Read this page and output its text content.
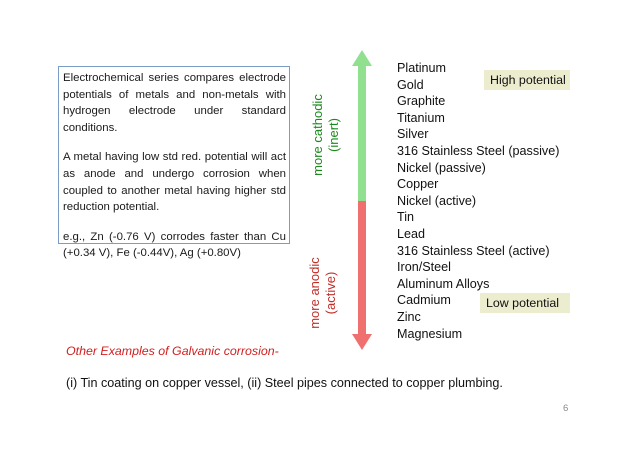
Electrochemical series compares electrode potentials of metals and non-metals with hydrogen electrode under standard conditions.

A metal having low std red. potential will act as anode and undergo corrosion when coupled to another metal having higher std reduction potential.

e.g., Zn (-0.76 V) corrodes faster than Cu (+0.34 V), Fe (-0.44V), Ag (+0.80V)

more cathodic (inert)
more anodic (active)
Platinum
Gold
Graphite
Titanium
Silver
316 Stainless Steel (passive)
Nickel (passive)
Copper
Nickel (active)
Tin
Lead
316 Stainless Steel (active)
Iron/Steel
Aluminum Alloys
Cadmium
Zinc
Magnesium
High potential
Low potential
Other Examples of Galvanic corrosion-
(i) Tin coating on copper vessel, (ii) Steel pipes connected to copper plumbing.
6
